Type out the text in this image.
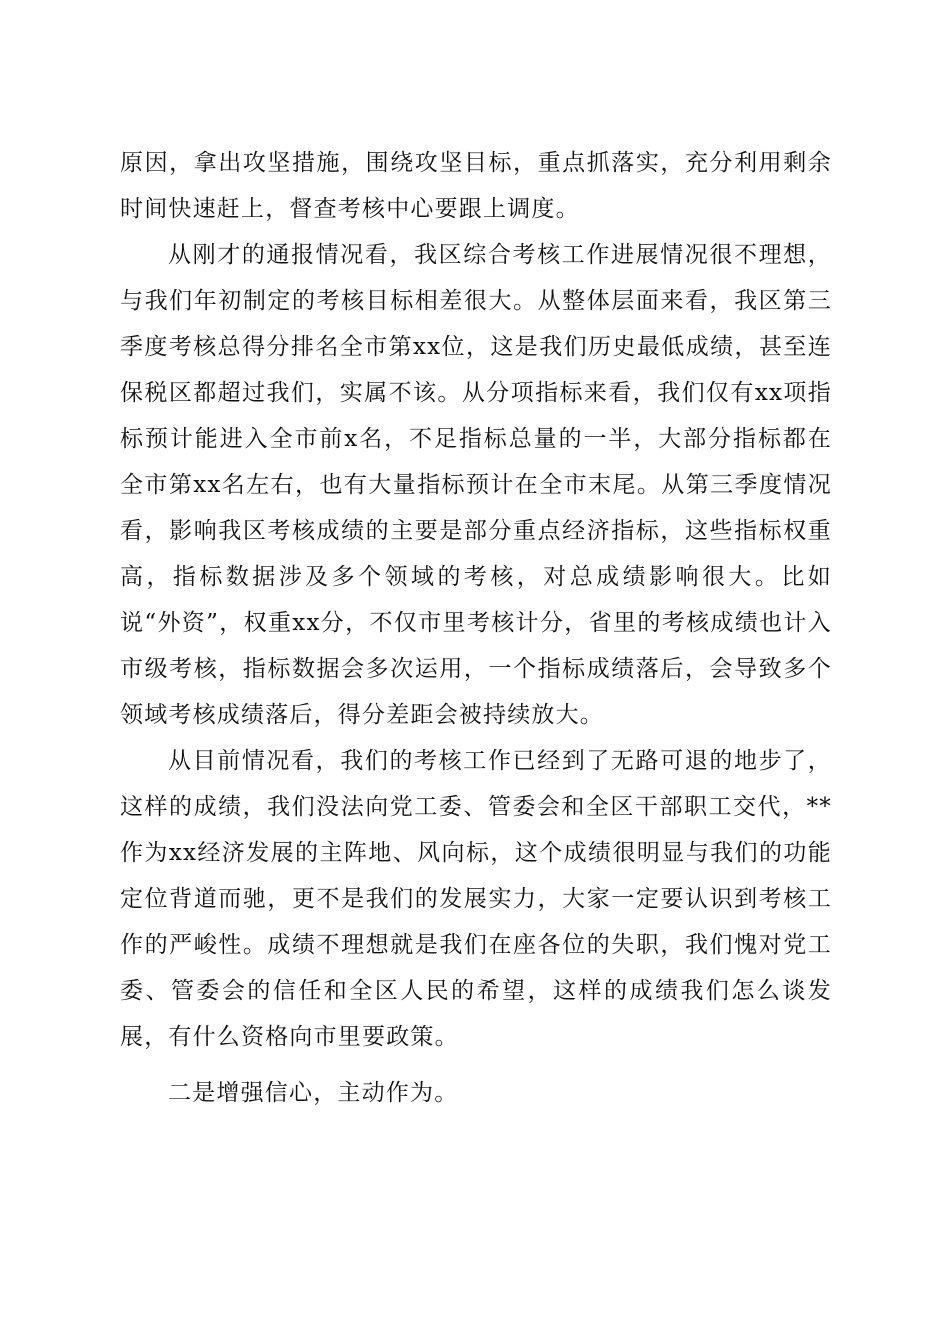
原因，拿出攻坚措施，围绕攻坚目标，重点抓落实，充分利用剩余时间快速赶上，督查考核中心要跟上调度。

从刚才的通报情况看，我区综合考核工作进展情况很不理想，与我们年初制定的考核目标相差很大。从整体层面来看，我区第三季度考核总得分排名全市第xx位，这是我们历史最低成绩，甚至连保税区都超过我们，实属不该。从分项指标来看，我们仅有xx项指标预计能进入全市前x名，不足指标总量的一半，大部分指标都在全市第xx名左右，也有大量指标预计在全市末尾。从第三季度情况看，影响我区考核成绩的主要是部分重点经济指标，这些指标权重高，指标数据涉及多个领域的考核，对总成绩影响很大。比如说“外资”，权重xx分，不仅市里考核计分，省里的考核成绩也计入市级考核，指标数据会多次运用，一个指标成绩落后，会导致多个领域考核成绩落后，得分差距会被持续放大。

从目前情况看，我们的考核工作已经到了无路可退的地步了，这样的成绩，我们没法向党工委、管委会和全区干部职工交代，**作为xx经济发展的主阵地、风向标，这个成绩很明显与我们的功能定位背道而驰，更不是我们的发展实力，大家一定要认识到考核工作的严峻性。成绩不理想就是我们在座各位的失职，我们愧对党工委、管委会的信任和全区人民的希望，这样的成绩我们怎么谈发展，有什么资格向市里要政策。

二是增强信心，主动作为。
